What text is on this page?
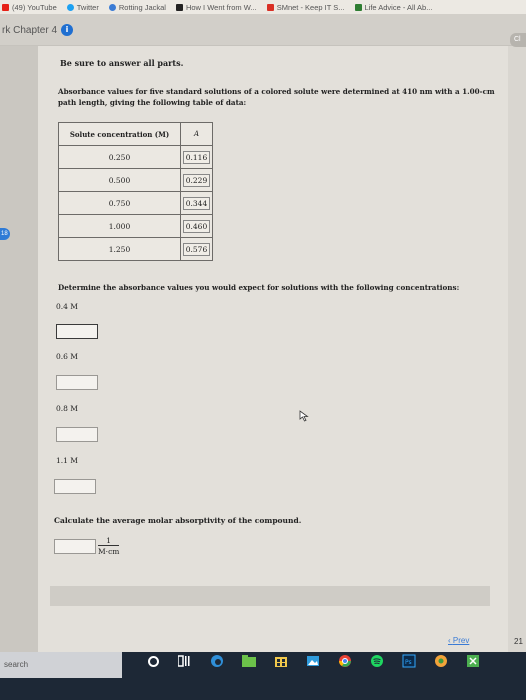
(49) YouTube	Twitter	Rotting Jackal	How I Went from W...	SMnet - Keep IT S...	Life Advice - All Ab...
rk Chapter 4	i
Cl
18
Be sure to answer all parts.
Absorbance values for five standard solutions of a colored solute were determined at 410 nm with a 1.00-cm path length, giving the following table of data:
Solute concentration (M)	A
0.250	0.116
0.500	0.229
0.750	0.344
1.000	0.460
1.250	0.576
Determine the absorbance values you would expect for solutions with the following concentrations:
0.4 M
0.6 M
0.8 M
1.1 M
Calculate the average molar absorptivity of the compound.
$\frac{1}{M\cdot cm}$
‹ Prev	21
search	Ps
